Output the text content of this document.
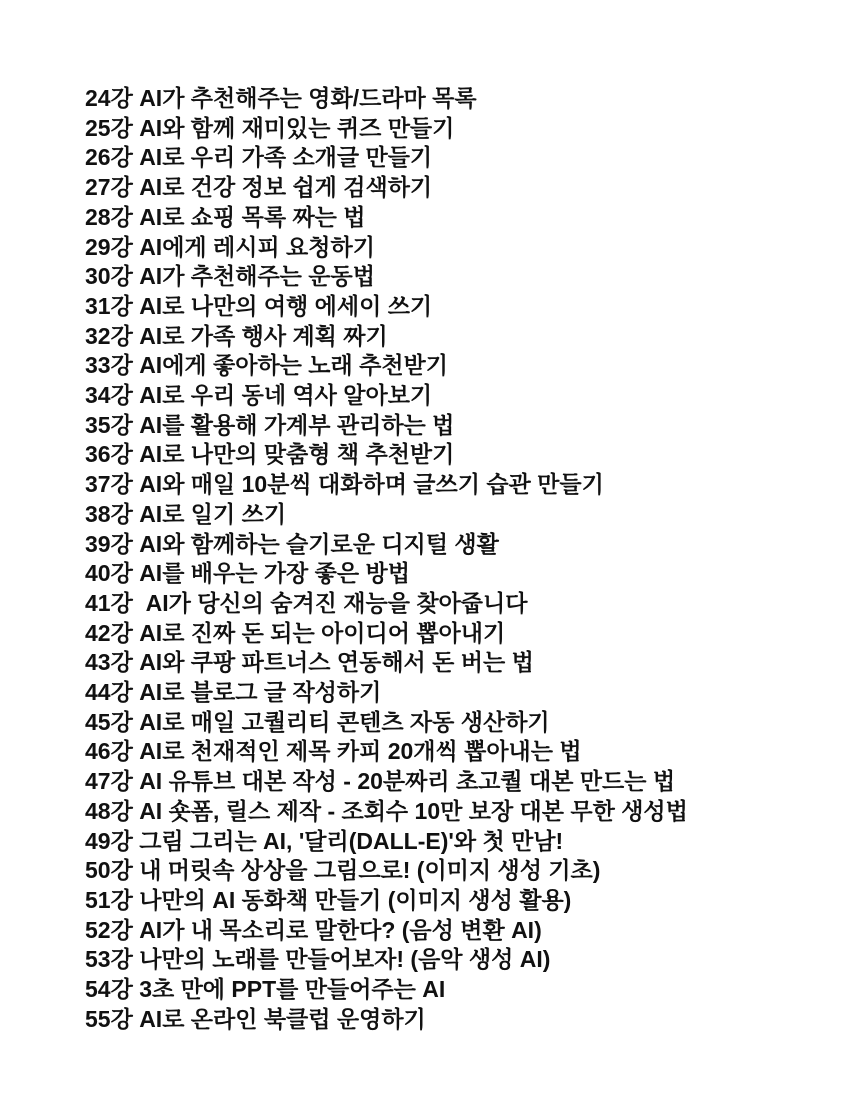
24강 AI가 추천해주는 영화/드라마 목록
25강 AI와 함께 재미있는 퀴즈 만들기
26강 AI로 우리 가족 소개글 만들기
27강 AI로 건강 정보 쉽게 검색하기
28강 AI로 쇼핑 목록 짜는 법
29강 AI에게 레시피 요청하기
30강 AI가 추천해주는 운동법
31강 AI로 나만의 여행 에세이 쓰기
32강 AI로 가족 행사 계획 짜기
33강 AI에게 좋아하는 노래 추천받기
34강 AI로 우리 동네 역사 알아보기
35강 AI를 활용해 가계부 관리하는 법
36강 AI로 나만의 맞춤형 책 추천받기
37강 AI와 매일 10분씩 대화하며 글쓰기 습관 만들기
38강 AI로 일기 쓰기
39강 AI와 함께하는 슬기로운 디지털 생활
40강 AI를 배우는 가장 좋은 방법
41강  AI가 당신의 숨겨진 재능을 찾아줍니다
42강 AI로 진짜 돈 되는 아이디어 뽑아내기
43강 AI와 쿠팡 파트너스 연동해서 돈 버는 법
44강 AI로 블로그 글 작성하기
45강 AI로 매일 고퀄리티 콘텐츠 자동 생산하기
46강 AI로 천재적인 제목 카피 20개씩 뽑아내는 법
47강 AI 유튜브 대본 작성 - 20분짜리 초고퀄 대본 만드는 법
48강 AI 숏폼, 릴스 제작 - 조회수 10만 보장 대본 무한 생성법
49강 그림 그리는 AI, '달리(DALL-E)'와 첫 만남!
50강 내 머릿속 상상을 그림으로! (이미지 생성 기초)
51강 나만의 AI 동화책 만들기 (이미지 생성 활용)
52강 AI가 내 목소리로 말한다? (음성 변환 AI)
53강 나만의 노래를 만들어보자! (음악 생성 AI)
54강 3초 만에 PPT를 만들어주는 AI
55강 AI로 온라인 북클럽 운영하기
